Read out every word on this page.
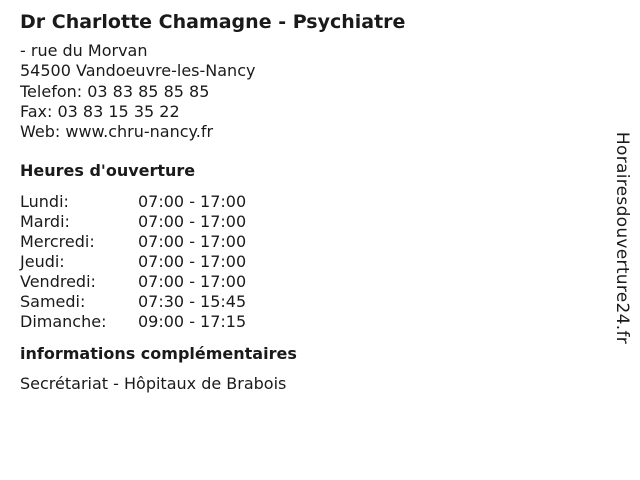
Dr Charlotte Chamagne - Psychiatre
- rue du Morvan
54500 Vandoeuvre-les-Nancy
Telefon: 03 83 85 85 85
Fax: 03 83 15 35 22
Web: www.chru-nancy.fr
Heures d'ouverture
Lundi:	07:00 - 17:00
Mardi:	07:00 - 17:00
Mercredi:	07:00 - 17:00
Jeudi:	07:00 - 17:00
Vendredi:	07:00 - 17:00
Samedi:	07:30 - 15:45
Dimanche:	09:00 - 17:15
informations complémentaires
Secrétariat - Hôpitaux de Brabois
Horairesdouverture24.fr
